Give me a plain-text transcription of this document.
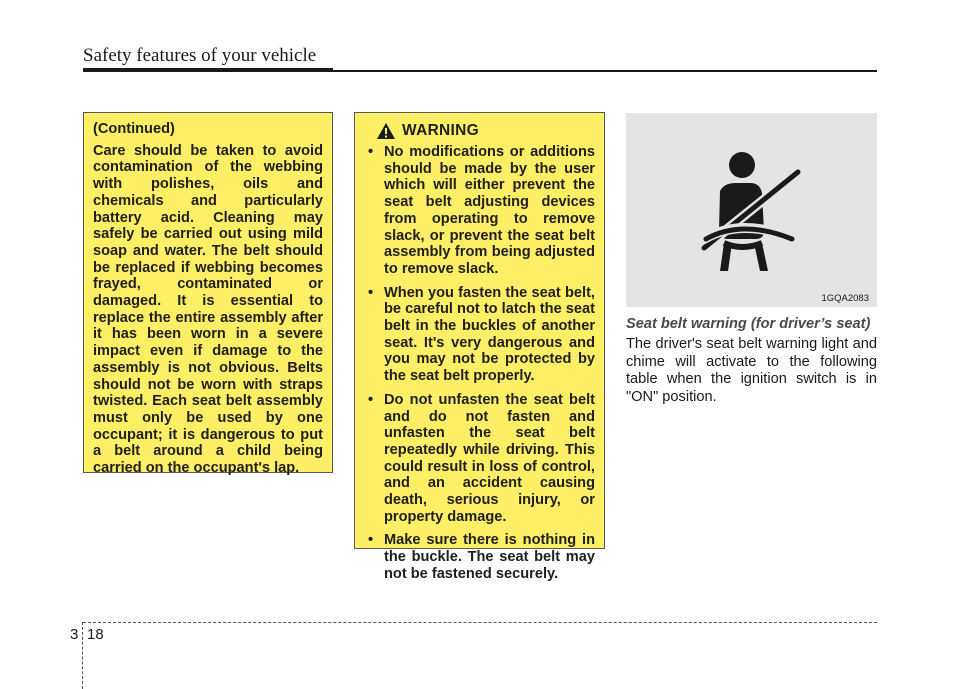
Safety features of your vehicle

(Continued)

Care should be taken to avoid contamination of the webbing with polishes, oils and chemicals and particularly battery acid. Cleaning may safely be carried out using mild soap and water. The belt should be replaced if webbing becomes frayed, contaminated or damaged. It is essential to replace the entire assembly after it has been worn in a severe impact even if damage to the assembly is not obvious. Belts should not be worn with straps twisted. Each seat belt assembly must only be used by one occupant; it is dangerous to put a belt around a child being carried on the occupant's lap.

WARNING
• No modifications or additions should be made by the user which will either prevent the seat belt adjusting devices from operating to remove slack, or prevent the seat belt assembly from being adjusted to remove slack.
• When you fasten the seat belt, be careful not to latch the seat belt in the buckles of another seat. It's very dangerous and you may not be protected by the seat belt properly.
• Do not unfasten the seat belt and do not fasten and unfasten the seat belt repeatedly while driving. This could result in loss of control, and an accident causing death, serious injury, or property damage.
• Make sure there is nothing in the buckle. The seat belt may not be fastened securely.
1GQA2083
Seat belt warning (for driver’s seat)

The driver's seat belt warning light and chime will activate to the following table when the ignition switch is in "ON" position.

3 18
